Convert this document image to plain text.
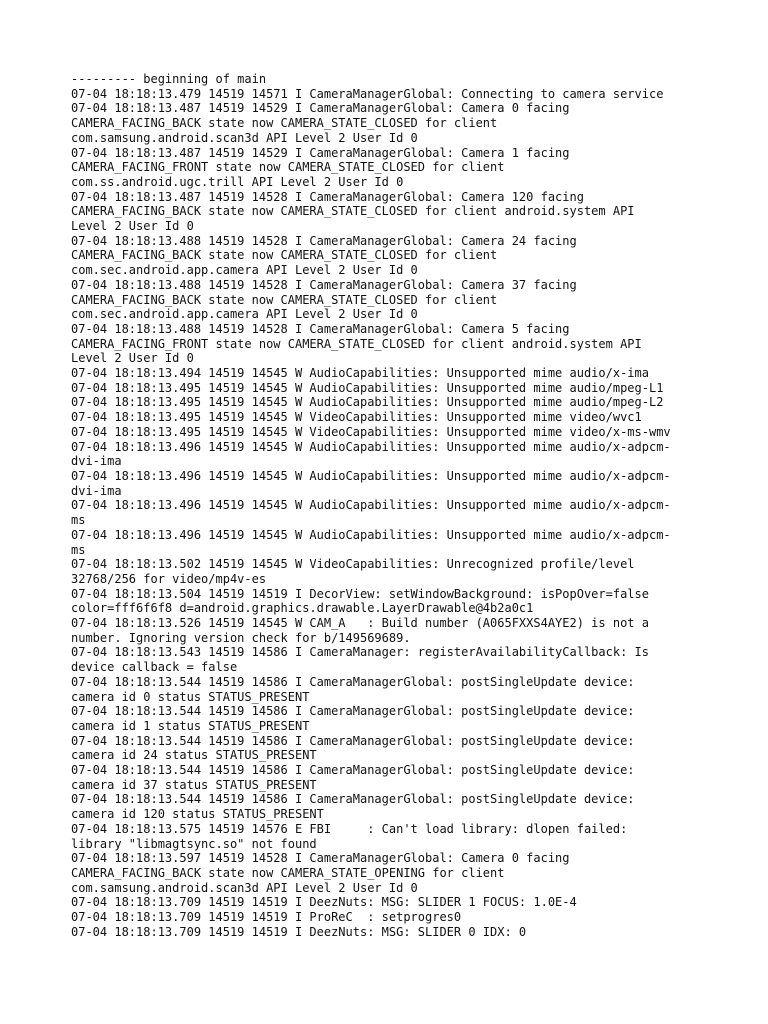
--------- beginning of main

07-04 18:18:13.479 14519 14571 I CameraManagerGlobal: Connecting to camera service

07-04 18:18:13.487 14519 14529 I CameraManagerGlobal: Camera 0 facing

CAMERA_FACING_BACK state now CAMERA_STATE_CLOSED for client

com.samsung.android.scan3d API Level 2 User Id 0

07-04 18:18:13.487 14519 14529 I CameraManagerGlobal: Camera 1 facing

CAMERA_FACING_FRONT state now CAMERA_STATE_CLOSED for client

com.ss.android.ugc.trill API Level 2 User Id 0

07-04 18:18:13.487 14519 14528 I CameraManagerGlobal: Camera 120 facing

CAMERA_FACING_BACK state now CAMERA_STATE_CLOSED for client android.system API

Level 2 User Id 0

07-04 18:18:13.488 14519 14528 I CameraManagerGlobal: Camera 24 facing

CAMERA_FACING_BACK state now CAMERA_STATE_CLOSED for client

com.sec.android.app.camera API Level 2 User Id 0

07-04 18:18:13.488 14519 14528 I CameraManagerGlobal: Camera 37 facing

CAMERA_FACING_BACK state now CAMERA_STATE_CLOSED for client

com.sec.android.app.camera API Level 2 User Id 0

07-04 18:18:13.488 14519 14528 I CameraManagerGlobal: Camera 5 facing

CAMERA_FACING_FRONT state now CAMERA_STATE_CLOSED for client android.system API

Level 2 User Id 0

07-04 18:18:13.494 14519 14545 W AudioCapabilities: Unsupported mime audio/x-ima

07-04 18:18:13.495 14519 14545 W AudioCapabilities: Unsupported mime audio/mpeg-L1

07-04 18:18:13.495 14519 14545 W AudioCapabilities: Unsupported mime audio/mpeg-L2

07-04 18:18:13.495 14519 14545 W VideoCapabilities: Unsupported mime video/wvc1

07-04 18:18:13.495 14519 14545 W VideoCapabilities: Unsupported mime video/x-ms-wmv

07-04 18:18:13.496 14519 14545 W AudioCapabilities: Unsupported mime audio/x-adpcm-

dvi-ima

07-04 18:18:13.496 14519 14545 W AudioCapabilities: Unsupported mime audio/x-adpcm-

dvi-ima

07-04 18:18:13.496 14519 14545 W AudioCapabilities: Unsupported mime audio/x-adpcm-

ms

07-04 18:18:13.496 14519 14545 W AudioCapabilities: Unsupported mime audio/x-adpcm-

ms

07-04 18:18:13.502 14519 14545 W VideoCapabilities: Unrecognized profile/level

32768/256 for video/mp4v-es

07-04 18:18:13.504 14519 14519 I DecorView: setWindowBackground: isPopOver=false

color=fff6f6f8 d=android.graphics.drawable.LayerDrawable@4b2a0c1

07-04 18:18:13.526 14519 14545 W CAM_A   : Build number (A065FXXS4AYE2) is not a

number. Ignoring version check for b/149569689.

07-04 18:18:13.543 14519 14586 I CameraManager: registerAvailabilityCallback: Is

device callback = false

07-04 18:18:13.544 14519 14586 I CameraManagerGlobal: postSingleUpdate device:

camera id 0 status STATUS_PRESENT

07-04 18:18:13.544 14519 14586 I CameraManagerGlobal: postSingleUpdate device:

camera id 1 status STATUS_PRESENT

07-04 18:18:13.544 14519 14586 I CameraManagerGlobal: postSingleUpdate device:

camera id 24 status STATUS_PRESENT

07-04 18:18:13.544 14519 14586 I CameraManagerGlobal: postSingleUpdate device:

camera id 37 status STATUS_PRESENT

07-04 18:18:13.544 14519 14586 I CameraManagerGlobal: postSingleUpdate device:

camera id 120 status STATUS_PRESENT

07-04 18:18:13.575 14519 14576 E FBI     : Can't load library: dlopen failed:

library "libmagtsync.so" not found

07-04 18:18:13.597 14519 14528 I CameraManagerGlobal: Camera 0 facing

CAMERA_FACING_BACK state now CAMERA_STATE_OPENING for client

com.samsung.android.scan3d API Level 2 User Id 0

07-04 18:18:13.709 14519 14519 I DeezNuts: MSG: SLIDER 1 FOCUS: 1.0E-4

07-04 18:18:13.709 14519 14519 I ProReC  : setprogres0

07-04 18:18:13.709 14519 14519 I DeezNuts: MSG: SLIDER 0 IDX: 0
